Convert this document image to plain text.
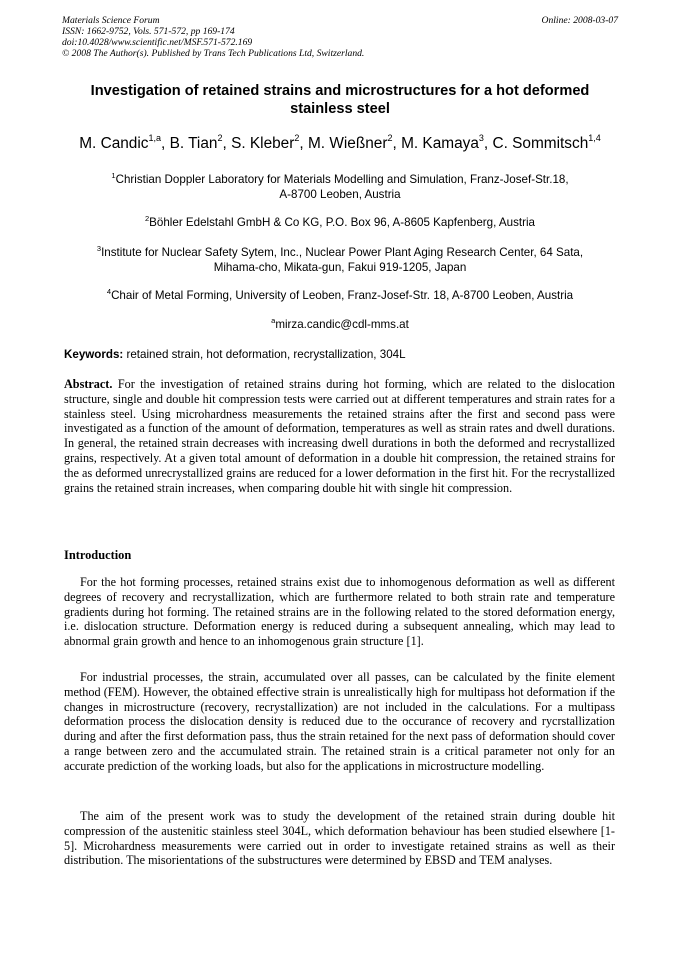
Materials Science Forum
ISSN: 1662-9752, Vols. 571-572, pp 169-174
doi:10.4028/www.scientific.net/MSF.571-572.169
© 2008 The Author(s). Published by Trans Tech Publications Ltd, Switzerland.
Online: 2008-03-07
Investigation of retained strains and microstructures for a hot deformed stainless steel
M. Candic$^{1,a}$, B. Tian$^2$, S. Kleber$^2$, M. Wießner$^2$, M. Kamaya$^3$, C. Sommitsch$^{1,4}$
$^1$Christian Doppler Laboratory for Materials Modelling and Simulation, Franz-Josef-Str.18,
A-8700 Leoben, Austria
$^2$Böhler Edelstahl GmbH & Co KG, P.O. Box 96, A-8605 Kapfenberg, Austria
$^3$Institute for Nuclear Safety Sytem, Inc., Nuclear Power Plant Aging Research Center, 64 Sata,
Mihama-cho, Mikata-gun, Fakui 919-1205, Japan
$^4$Chair of Metal Forming, University of Leoben, Franz-Josef-Str. 18, A-8700 Leoben, Austria
$^a$mirza.candic@cdl-mms.at
Keywords: retained strain, hot deformation, recrystallization, 304L
Abstract. For the investigation of retained strains during hot forming, which are related to the dislocation structure, single and double hit compression tests were carried out at different temperatures and strain rates for a stainless steel. Using microhardness measurements the retained strains after the first and second pass were investigated as a function of the amount of deformation, temperatures as well as strain rates and dwell durations. In general, the retained strain decreases with increasing dwell durations in both the deformed and recrystallized grains, respectively. At a given total amount of deformation in a double hit compression, the retained strains for the as deformed unrecrystallized grains are reduced for a lower deformation in the first hit. For the recrystallized grains the retained strain increases, when comparing double hit with single hit compression.
Introduction
For the hot forming processes, retained strains exist due to inhomogenous deformation as well as different degrees of recovery and recrystallization, which are furthermore related to both strain rate and temperature gradients during hot forming. The retained strains are in the following related to the stored deformation energy, i.e. dislocation structure. Deformation energy is reduced during a subsequent annealing, which may lead to abnormal grain growth and hence to an inhomogenous grain structure [1].
For industrial processes, the strain, accumulated over all passes, can be calculated by the finite element method (FEM). However, the obtained effective strain is unrealistically high for multipass hot deformation if the changes in microstructure (recovery, recrystallization) are not included in the calculations. For a multipass deformation process the dislocation density is reduced due to the occurance of recovery and rycrstallization during and after the first deformation pass, thus the strain retained for the next pass of deformation should cover a range between zero and the accumulated strain. The retained strain is a critical parameter not only for an accurate prediction of the working loads, but also for the applications in microstructure modelling.
The aim of the present work was to study the development of the retained strain during double hit compression of the austenitic stainless steel 304L, which deformation behaviour has been studied elsewhere [1-5]. Microhardness measurements were carried out in order to investigate retained strains as well as their distribution. The misorientations of the substructures were determined by EBSD and TEM analyses.
